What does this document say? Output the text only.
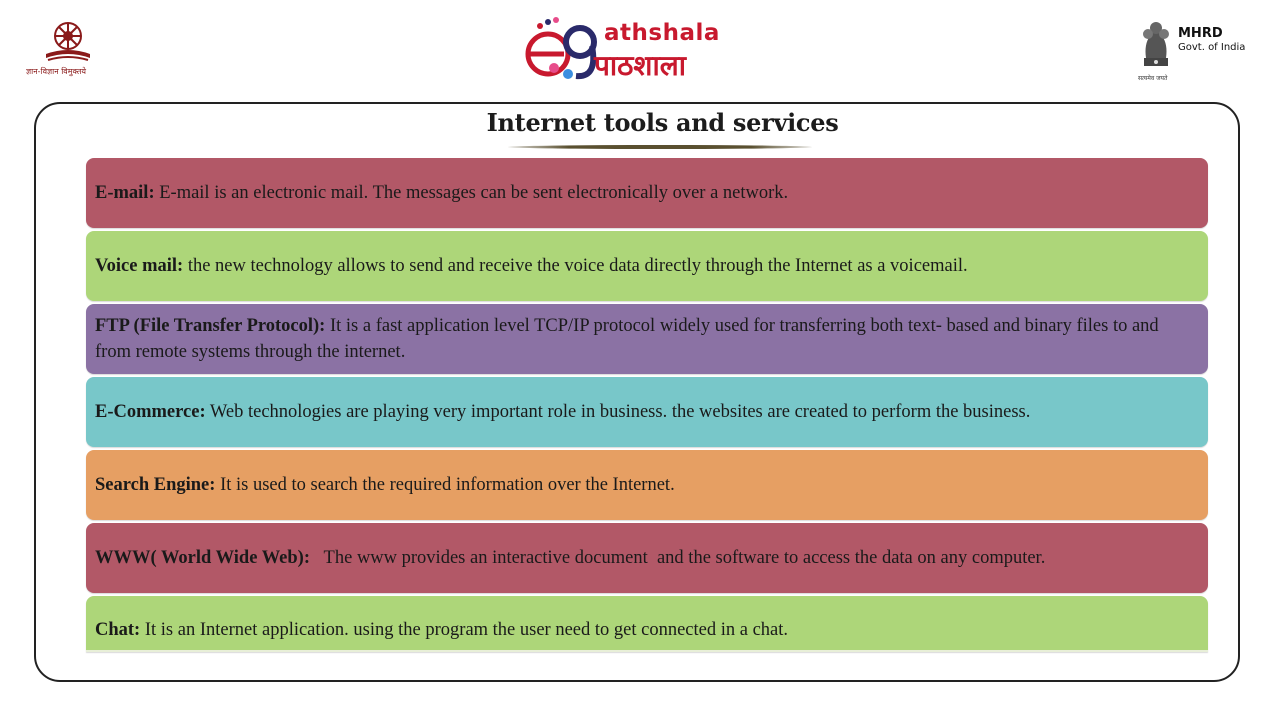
ज्ञान-विज्ञान विमुक्तये
athshala
पाठशाला
MHRD
Govt. of India
सत्यमेव जयते
Internet tools and services
E-mail: E-mail is an electronic mail. The messages can be sent electronically over a network.
Voice mail: the new technology allows to send and receive the voice data directly through the Internet as a voicemail.
FTP (File Transfer Protocol): It is a fast application level TCP/IP protocol widely used for transferring both text- based and binary files to and from remote systems through the internet.
E-Commerce: Web technologies are playing very important role in business. the websites are created to perform the business.
Search Engine: It is used to search the required information over the Internet.
WWW( World Wide Web):   The www provides an interactive document  and the software to access the data on any computer.
Chat: It is an Internet application. using the program the user need to get connected in a chat.
